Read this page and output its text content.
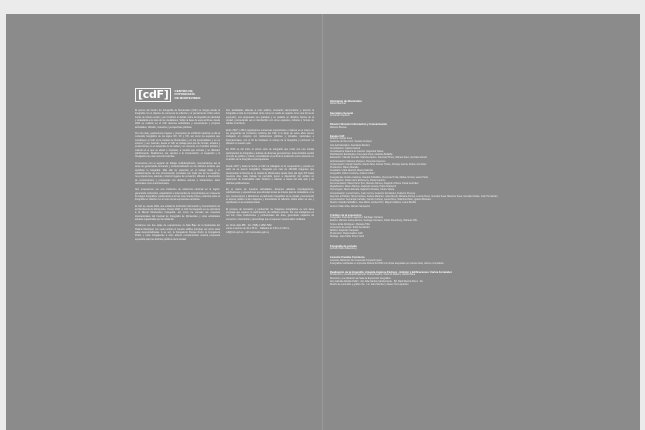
[cdF]	CENTRO DE
FOTOGRAFÍA
DE MONTEVIDEO

El acervo del Centro de Fotografía de Montevideo (CdF) se integra desde la fotografía con el objetivo de conservar la reflexión y el pensamiento crítico sobre temas de interés social, y así contribuir al debate sobre la fotografía de identidad y ciudadanía a la vista de los ciudadanos. Sobre la base de esos archivos, desde 2002 se realizan en el CdF diversas actividades y exposiciones y propone actividades, difusión, muestras y perspectivas públicas.

Por otro lado, gestionamos lugares y propuestas de exhibición abiertas a ella al contenido fotográfico de los siglos XIX, XX y XXI, así como los espacios que constituyen el CdF en la Ciudad de Montevideo y en las proximidades y en su entorno, y así. Además, desde el CdF se trabaja para que las formas, estados y producciones en el desarrollo de la ciudad y su memoria, en el ámbito artístico y cultural en el que se sitúan e impulsan, a medida que circulan y se difunden públicamente. Realizamos, así, aportes a la conservación, el resguardo y la divulgación de esta memoria colectiva.

Conocemos con el espacio de trabajo multidisciplinario, reservándonos así la tarea de gestionarlas formando y profesionalizando en los distintos ámbitos que significan la fotografía. Más allá de potenciar en el trabajo fluido y el establecimiento de una comunicación constante con cada uno de los usuarios, nos proponemos, además, construir lugares de encuentro, difusión e intercambio de conocimientos y propuestas con distintos actores e instituciones, tanto nacionales como internacionales.

Nos proponemos ser una institución de referencia nacional en la región: generando contenidos, capacitación e intercambio de conocimientos en el área de la imagen fotográfica, colaborando a formar una mirada crítica y reflexiva sobre la fotografía en relación con el resto de las expresiones artísticas.

El CdF es, desde 2002, una unidad de la División Información y Comunicación de la Intendencia de Montevideo. Desde 2016, el CdF ha integrado en su estructura a la Bienal Montevideo Fotografía, así como ha sumado las muestras internacionales del Festival de Fotografía de Montevideo y otras actividades anuales organizadas por la institución.

Contamos con dos salas de exposiciones: la Sala Bajo de la Explanada del Palacio Municipal, con sede central en nuestro edificio principal, así como otras salas descentralizadas. A su vez, la Fotogalería Parque Rodó, la Fotogalería Prado y otras fotogalerías a cielo abierto complementan nuestra propuesta expositiva para los distintos públicos de la ciudad.

Son actividades abiertas a todo público, buscando democratizar y acercar la fotografía a toda la comunidad, tanto como un medio de registro como una forma de expresión. Las propuestas son gratuitas y se realizan en distintos barrios de la ciudad, promoviendo así el intercambio con otros espacios, culturas y formas de habitar el territorio.

Entre 2007 y 2014 organizamos numerosas exposiciones y talleres en el marco de los programas de formación continua del CdF. A lo largo de estos años hemos trabajado en conjunto con instituciones públicas y privadas, nacionales e internacionales, con el fin de fortalecer el campo de la fotografía y promover su difusión en nuestro país.

En 2016 se dio inicio al primer ciclo de fotografía que contó con una nutrida participación de fotógrafos y artistas de diversas generaciones. Esta iniciativa resultó un éxito de público y crítica, consolidando el perfil de la institución como referente en el ámbito de la fotografía contemporánea.

Desde 2007 y hasta la fecha, el CdF ha trabajado en la recuperación y puesta en valor de su acervo fotográfico, integrado por más de 100.000 imágenes que documentan la historia de la ciudad de Montevideo desde fines del siglo XIX hasta nuestros días. Este trabajo ha permitido poner a disposición del público un patrimonio de incalculable valor histórico y cultural, a través del sitio web y de distintas publicaciones.

En el marco de nuestras actividades, llevamos adelante investigaciones, publicaciones y exposiciones que abordan temas de interés para la ciudadanía. A su vez, conservamos y difundimos el patrimonio fotográfico de la ciudad, promoviendo el acceso público a las imágenes y fomentando la reflexión crítica sobre su uso y significado en la sociedad actual.

El proceso de formación y producción de imágenes fotográficas es una tarea compleja que requiere la participación de múltiples actores. Por eso trabajamos en red con otras instituciones y profesionales del área, generando espacios de encuentro, intercambio y aprendizaje que enriquecen nuestra labor cotidiana.

Av. 18 de Julio 885 · Tel.: (598) 2 1950 7960
Lunes a viernes de 10 a 19 hs. · Sábados de 9:30 a 14:30 hs.
cdf@imm.gub.uy · cdf.montevideo.gub.uy

Intendente de Montevideo

Daniel Martínez

Secretario General

Fernando Nopitsch

Director División Información y Comunicación

Marcelo Bouzas

Equipo CdF

Director: Daniel Sosa

Asistente de Dirección: Susana Centeno

Jefe Administrativo: Ana Elena Benitez

Coordinación: Gabriel García

Coordinadora Sistema de Gestión: Alejandra Varela

Planificación Estratégica: Ana Laura Viera, Gabriela Bellalda

Educación: Claudia Jourdan, Mariana Aquino, Facundo Pintos, Manuel Saez, Gonzalo Gianoli

Administración: Mariana Vázquez, Florencia Guerrero

Conservación: Camilo Sancho, Daniel Nöel, Andrés Trelles, Rodrigo Garcia, Ruben Gonzalez

Producción: Mauro Martella

Curaduría: Carla Gianotti, Mauro Martella

Fotografía: Carlos Contrera, Andrés Cribari

Fotogalerías: Andrés Calanna, Claudia Schiaffino, Florencia Trotta, Matías Vorrasi, Laura Peña

Investigación: Daniel Jaim Etcheverry, Paola Cardozo

Documentación: Mara Carrió Toro, Marcelo Ramos, Alejandro Rivera, Paula González

Digitalización: Mauro Barrios, Alejandro Acosta, Pablo Infantozzi

Tecnologías: Mauro Estrada, Alejandro Morales, Carlos Varela

Comunicación: Lucía Franco, Juan Correa, Federico Fernández, Federico Pereyra

Atención al Público: Silvia Cantera, Andrea Martinez, Julia Merelli, Mariana Ahmed, Lorena Fieno, Gonzalo Sosa, Mauricio Sosa, Gonzalo Duarte, Julio Hernández

Comunicación: Fernanda Carballo, Camilo Curbelo, Laura Mora, Valentina Dalto, Ignacio Brandes

Diseño: Claudia Schiaffino, Jose Marín, Andrea Hirz, Miguel Caldeiro, Laura Bonilla

Acervo: Pablo Rios, Ramiro Sampedro

Créditos de la exposición

Fotografía: Francisco Lejavitzer, Santiago Carrasco

Edición: Marcelo Campodónico, Santiago Carrasco, Pablo Rosenberg, Mariana Trillo

Textos: Erika Rodríguez, Mariana Trillo

Corrección de textos: Sofía Fernández

Edición: Alejandro Sequeira

Producción: Paola Gadino Cuffi

Montaje: Juan Pablo Pérez Carril

Fotografía de portada

Archivo Pablo Rosenberg

Licencia Creative Commons

Licencia: Atribución No Comercial Compartir Igual

Fotografías realizadas en Imprenta Abierta SA 2020 con tintas aceptadas por colores tinta, rutina o cromáticas

Realización de la fotografía: Amanda Azpúrua Pedrozo · Edición y Edificaciones: Carina Fernández

Producción y coordinación general: Andrea Aquino, Carlo da Rabell y Gabriel Ilaca

Dirección y coordinación de Sala de Exposición fotográfica

Ast. Gabriela Alzalde Pellini · Ast. Alba Sarrias Sanclemente · Bd. Raul Silveira Pérez · Ab.

Diseño de contenido y gráfico the · Lic. Zara Mendez y Alvaro Terra Aparicio
